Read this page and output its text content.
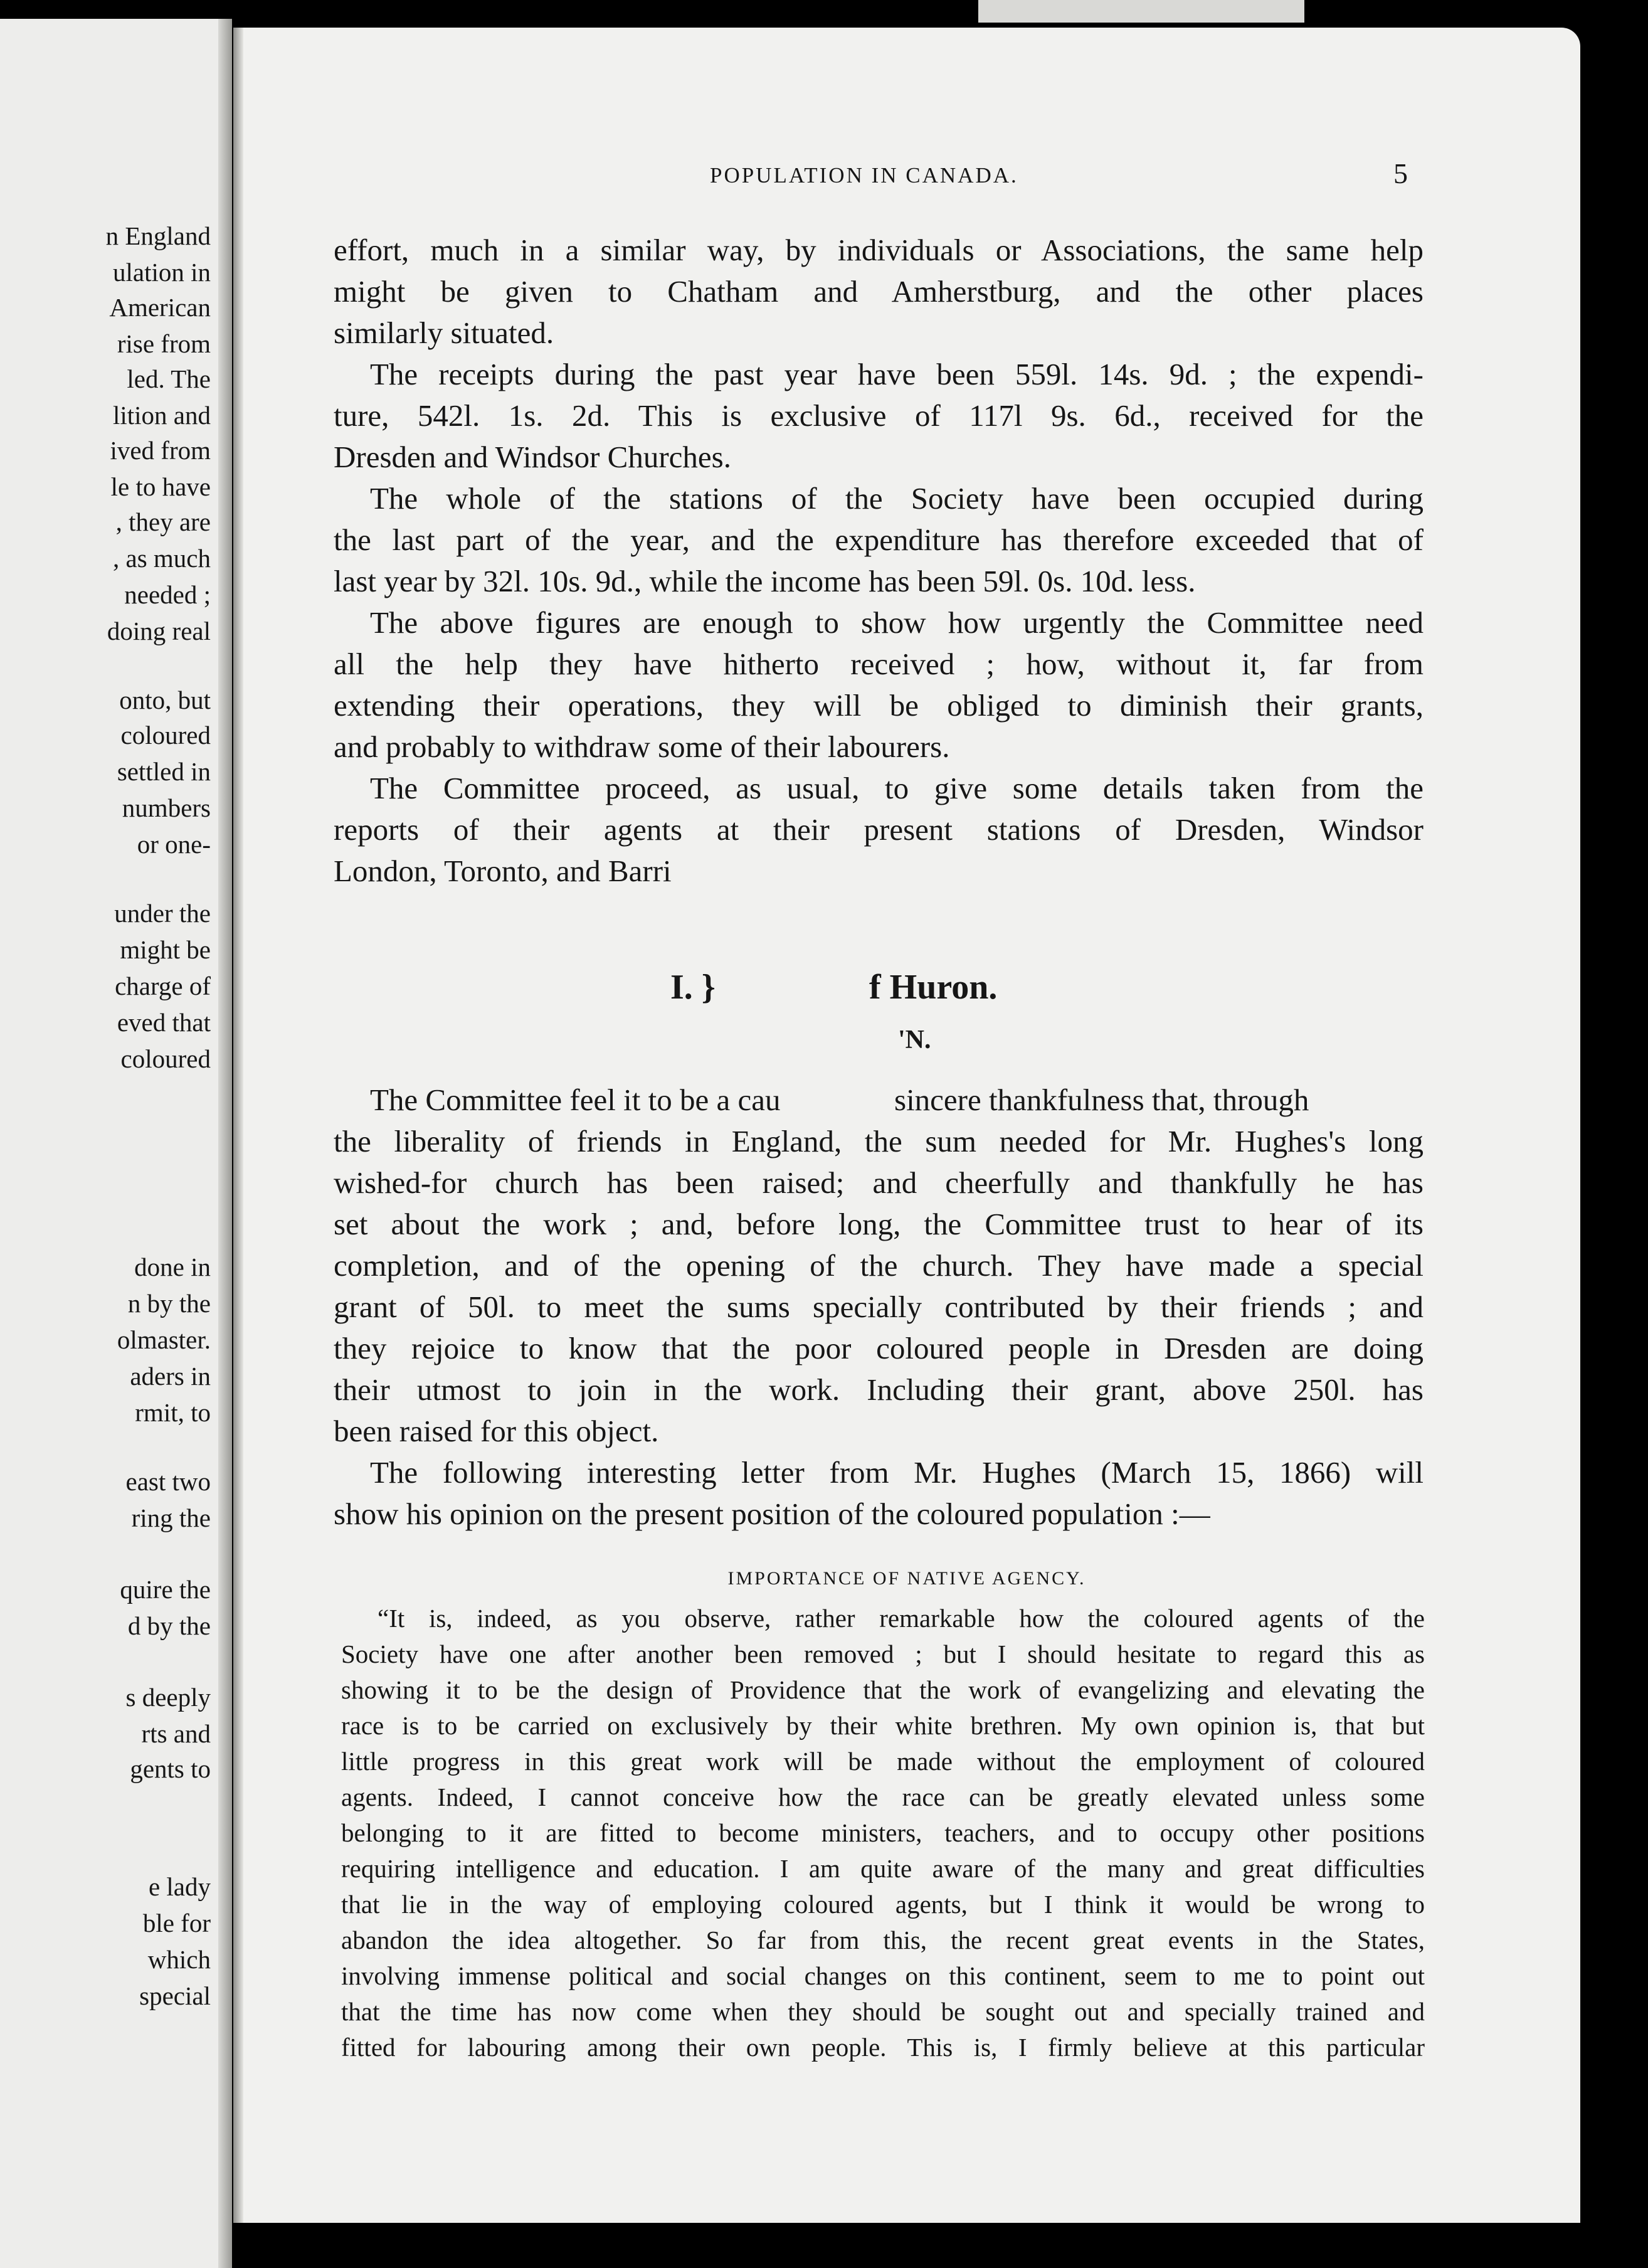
n England
ulation in
American
rise from
led. The
lition and
ived from
le to have
, they are
, as much
needed ;
doing real
onto, but
coloured
settled in
numbers
or one-
under the
might be
charge of
eved that
coloured
done in
n by the
olmaster.
aders in
rmit, to
east two
ring the
quire the
d by the
s deeply
rts and
gents to
e lady
ble for
which
special
POPULATION IN CANADA.	5
effort, much in a similar way, by individuals or Associations, the same help
might be given to Chatham and Amherstburg, and the other places
similarly situated.
The receipts during the past year have been 559l. 14s. 9d. ; the expendi-
ture, 542l. 1s. 2d. This is exclusive of 117l 9s. 6d., received for the
Dresden and Windsor Churches.
The whole of the stations of the Society have been occupied during
the last part of the year, and the expenditure has therefore exceeded that of
last year by 32l. 10s. 9d., while the income has been 59l. 0s. 10d. less.
The above figures are enough to show how urgently the Committee need
all the help they have hitherto received ; how, without it, far from
extending their operations, they will be obliged to diminish their grants,
and probably to withdraw some of their labourers.
The Committee proceed, as usual, to give some details taken from the
reports of their agents at their present stations of Dresden, Windsor
London, Toronto, and Barri
I. }	f Huron.
'N.
The Committee feel it to be a cau	sincere thankfulness that, through
the liberality of friends in England, the sum needed for Mr. Hughes's long
wished-for church has been raised; and cheerfully and thankfully he has
set about the work ; and, before long, the Committee trust to hear of its
completion, and of the opening of the church. They have made a special
grant of 50l. to meet the sums specially contributed by their friends ; and
they rejoice to know that the poor coloured people in Dresden are doing
their utmost to join in the work. Including their grant, above 250l. has
been raised for this object.
The following interesting letter from Mr. Hughes (March 15, 1866) will
show his opinion on the present position of the coloured population :—
IMPORTANCE OF NATIVE AGENCY.
“It is, indeed, as you observe, rather remarkable how the coloured agents of the
Society have one after another been removed ; but I should hesitate to regard this as
showing it to be the design of Providence that the work of evangelizing and elevating the
race is to be carried on exclusively by their white brethren. My own opinion is, that but
little progress in this great work will be made without the employment of coloured
agents. Indeed, I cannot conceive how the race can be greatly elevated unless some
belonging to it are fitted to become ministers, teachers, and to occupy other positions
requiring intelligence and education. I am quite aware of the many and great difficulties
that lie in the way of employing coloured agents, but I think it would be wrong to
abandon the idea altogether. So far from this, the recent great events in the States,
involving immense political and social changes on this continent, seem to me to point out
that the time has now come when they should be sought out and specially trained and
fitted for labouring among their own people. This is, I firmly believe at this particular
